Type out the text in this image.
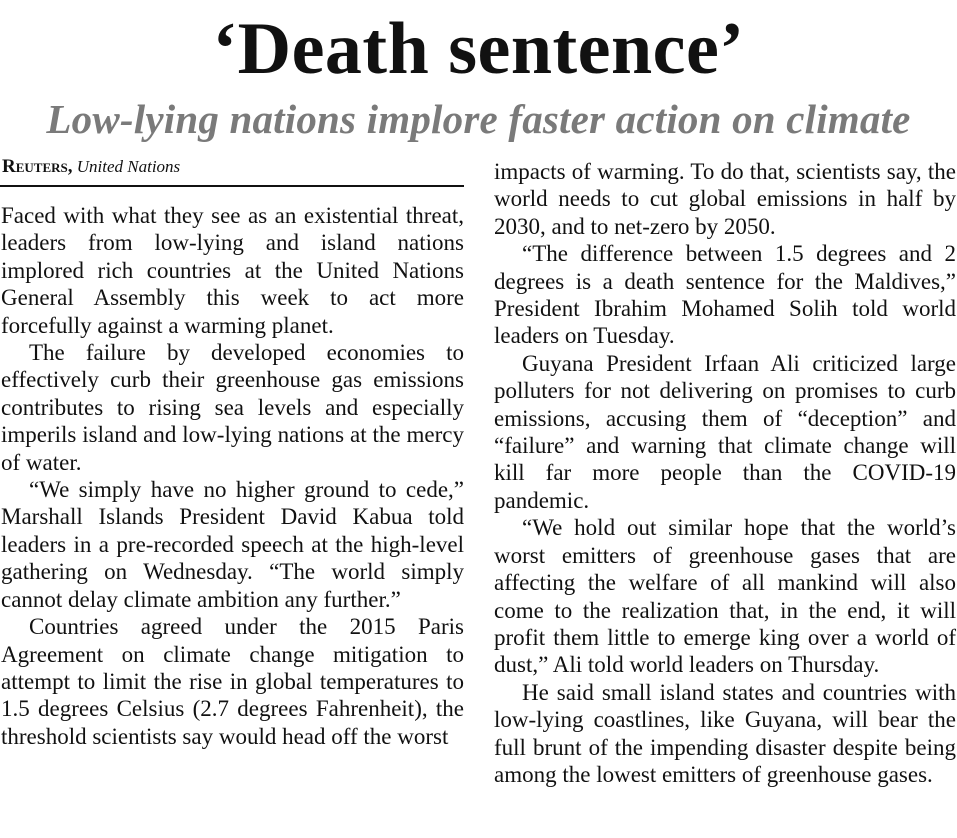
‘Death sentence’
Low-lying nations implore faster action on climate
Reuters, United Nations

Faced with what they see as an existential threat, leaders from low-lying and island nations implored rich countries at the United Nations General Assembly this week to act more forcefully against a warming planet.

The failure by developed economies to effectively curb their greenhouse gas emissions contributes to rising sea levels and especially imperils island and low-lying nations at the mercy of water.

“We simply have no higher ground to cede,” Marshall Islands President David Kabua told leaders in a pre-recorded speech at the high-level gathering on Wednesday. “The world simply cannot delay climate ambition any further.”

Countries agreed under the 2015 Paris Agreement on climate change mitigation to attempt to limit the rise in global temperatures to 1.5 degrees Celsius (2.7 degrees Fahrenheit), the threshold scientists say would head off the worst

impacts of warming. To do that, scientists say, the world needs to cut global emissions in half by 2030, and to net-zero by 2050.

“The difference between 1.5 degrees and 2 degrees is a death sentence for the Maldives,” President Ibrahim Mohamed Solih told world leaders on Tuesday.

Guyana President Irfaan Ali criticized large polluters for not delivering on promises to curb emissions, accusing them of “deception” and “failure” and warning that climate change will kill far more people than the COVID-19 pandemic.

“We hold out similar hope that the world’s worst emitters of greenhouse gases that are affecting the welfare of all mankind will also come to the realization that, in the end, it will profit them little to emerge king over a world of dust,” Ali told world leaders on Thursday.

He said small island states and countries with low-lying coastlines, like Guyana, will bear the full brunt of the impending disaster despite being among the lowest emitters of greenhouse gases.
